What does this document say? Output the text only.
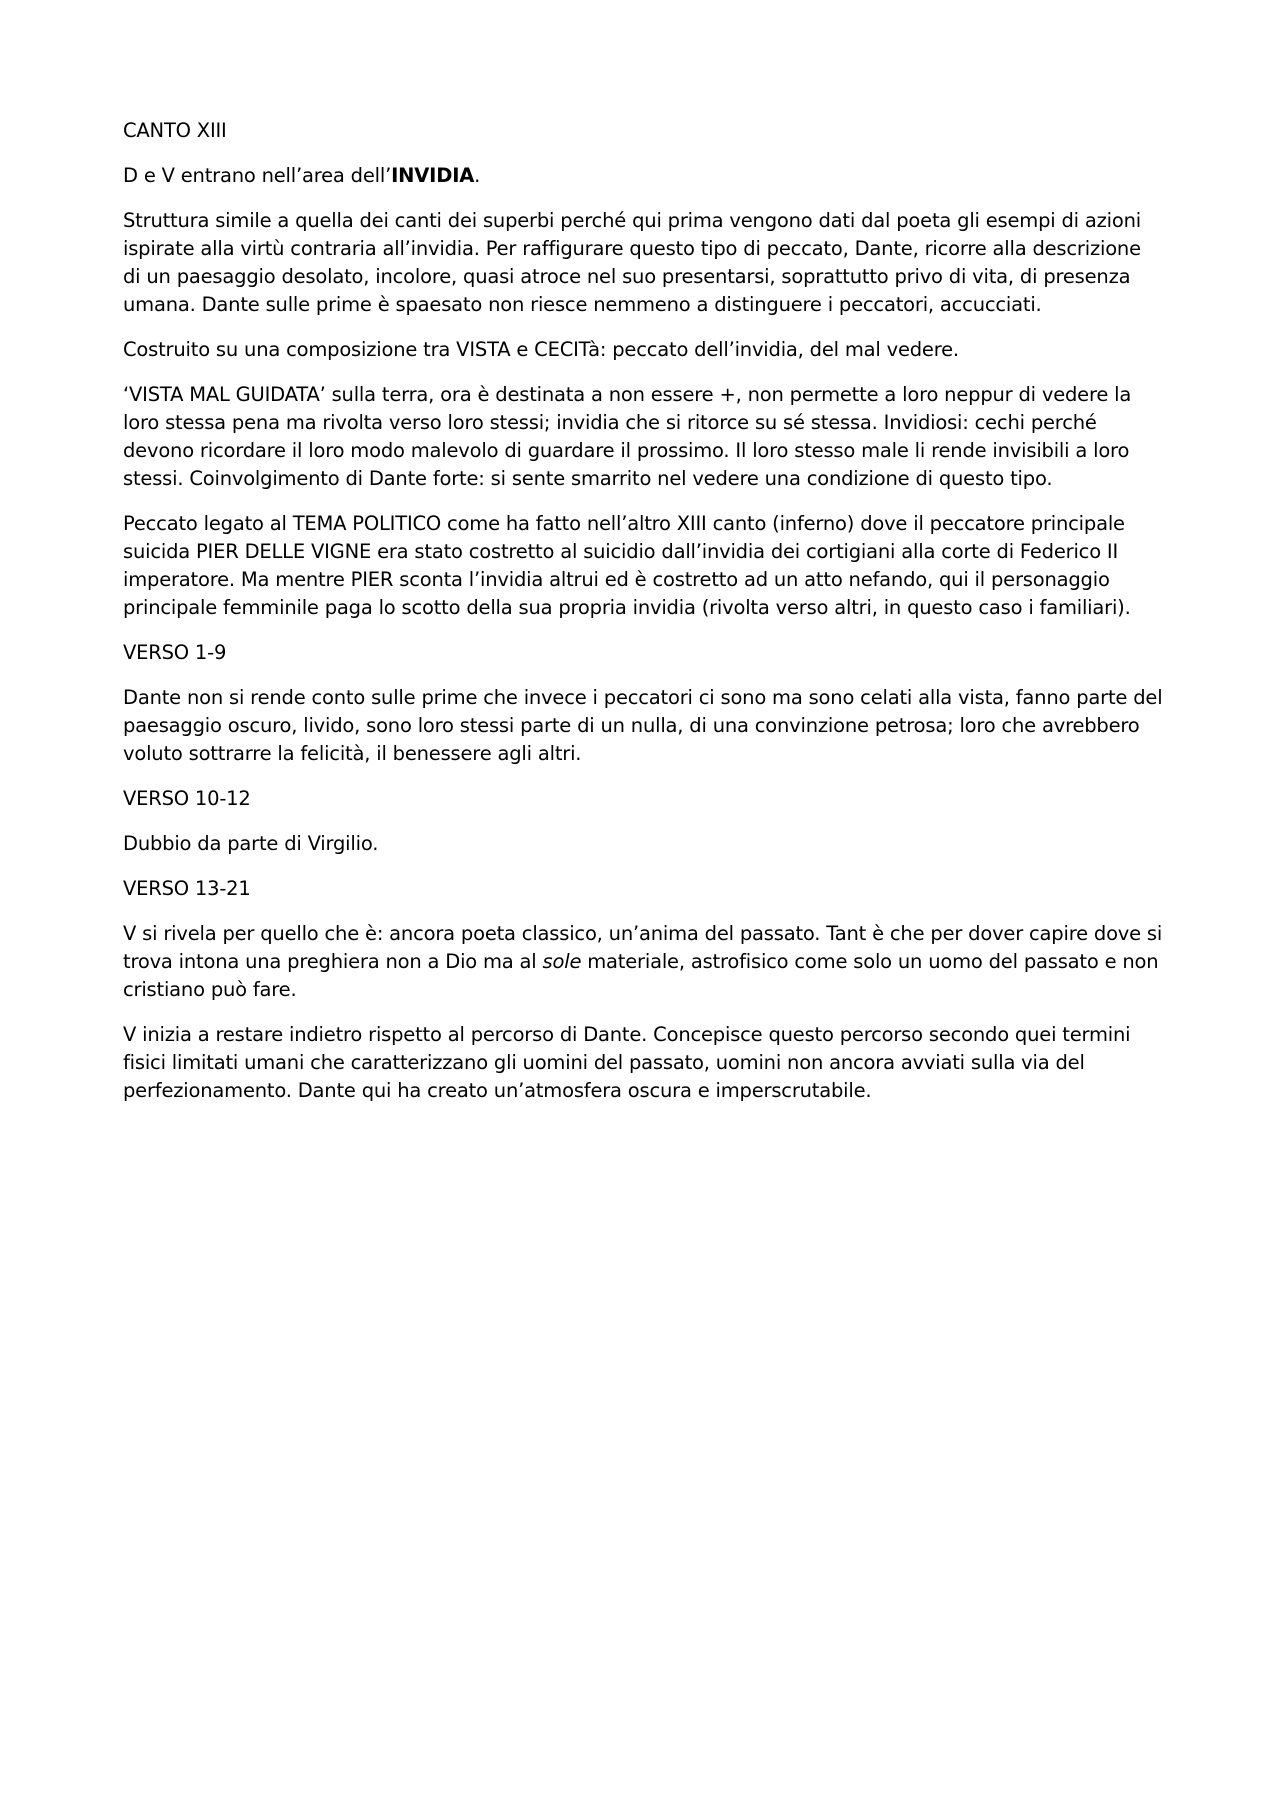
CANTO XIII

D e V entrano nell’area dell’INVIDIA.

Struttura simile a quella dei canti dei superbi perché qui prima vengono dati dal poeta gli esempi di azioni ispirate alla virtù contraria all’invidia. Per raffigurare questo tipo di peccato, Dante, ricorre alla descrizione di un paesaggio desolato, incolore, quasi atroce nel suo presentarsi, soprattutto privo di vita, di presenza umana. Dante sulle prime è spaesato non riesce nemmeno a distinguere i peccatori, accucciati.

Costruito su una composizione tra VISTA e CECITà: peccato dell’invidia, del mal vedere.

‘VISTA MAL GUIDATA’ sulla terra, ora è destinata a non essere +, non permette a loro neppur di vedere la loro stessa pena ma rivolta verso loro stessi; invidia che si ritorce su sé stessa. Invidiosi: cechi perché devono ricordare il loro modo malevolo di guardare il prossimo. Il loro stesso male li rende invisibili a loro stessi. Coinvolgimento di Dante forte: si sente smarrito nel vedere una condizione di questo tipo.

Peccato legato al TEMA POLITICO come ha fatto nell’altro XIII canto (inferno) dove il peccatore principale suicida PIER DELLE VIGNE era stato costretto al suicidio dall’invidia dei cortigiani alla corte di Federico II imperatore. Ma mentre PIER sconta l’invidia altrui ed è costretto ad un atto nefando, qui il personaggio principale femminile paga lo scotto della sua propria invidia (rivolta verso altri, in questo caso i familiari).

VERSO 1-9

Dante non si rende conto sulle prime che invece i peccatori ci sono ma sono celati alla vista, fanno parte del paesaggio oscuro, livido, sono loro stessi parte di un nulla, di una convinzione petrosa; loro che avrebbero voluto sottrarre la felicità, il benessere agli altri.

VERSO 10-12

Dubbio da parte di Virgilio.

VERSO 13-21

V si rivela per quello che è: ancora poeta classico, un’anima del passato. Tant è che per dover capire dove si trova intona una preghiera non a Dio ma al sole materiale, astrofisico come solo un uomo del passato e non cristiano può fare.

V inizia a restare indietro rispetto al percorso di Dante. Concepisce questo percorso secondo quei termini fisici limitati umani che caratterizzano gli uomini del passato, uomini non ancora avviati sulla via del perfezionamento. Dante qui ha creato un’atmosfera oscura e imperscrutabile.
